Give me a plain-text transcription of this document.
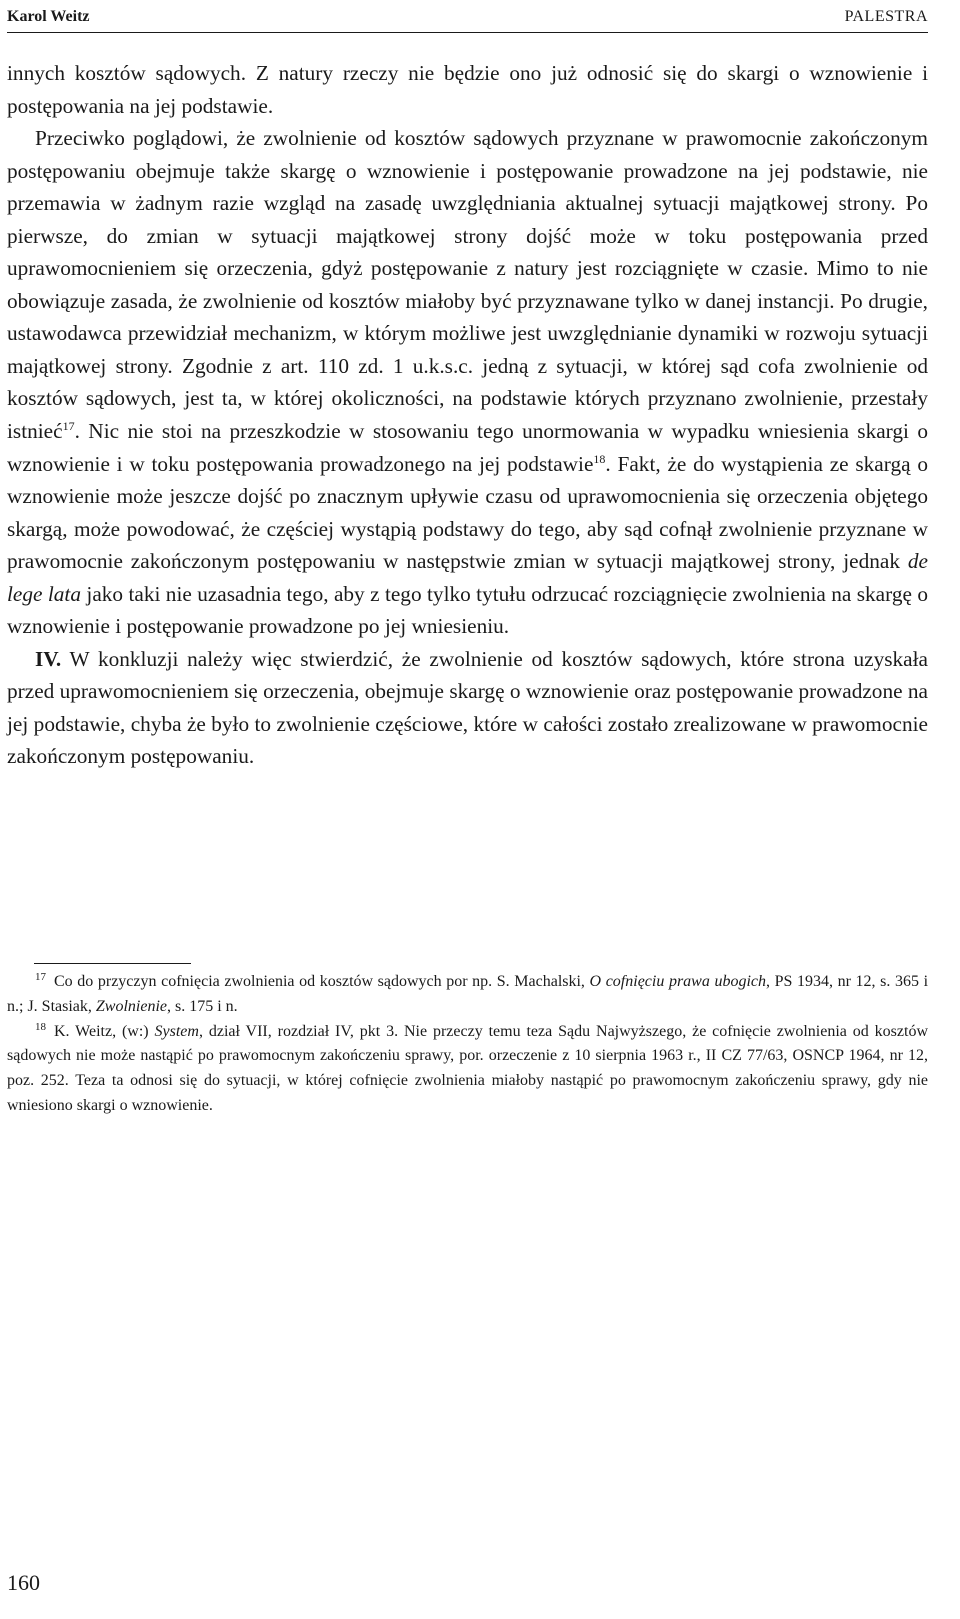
Karol Weitz	PALESTRA

innych kosztów sądowych. Z natury rzeczy nie będzie ono już odnosić się do skargi o wznowienie i postępowania na jej podstawie.

Przeciwko poglądowi, że zwolnienie od kosztów sądowych przyznane w prawomocnie zakończonym postępowaniu obejmuje także skargę o wznowienie i postępowanie prowadzone na jej podstawie, nie przemawia w żadnym razie wzgląd na zasadę uwzględniania aktualnej sytuacji majątkowej strony. Po pierwsze, do zmian w sytuacji majątkowej strony dojść może w toku postępowania przed uprawomocnieniem się orzeczenia, gdyż postępowanie z natury jest rozciągnięte w czasie. Mimo to nie obowiązuje zasada, że zwolnienie od kosztów miałoby być przyznawane tylko w danej instancji. Po drugie, ustawodawca przewidział mechanizm, w którym możliwe jest uwzględnianie dynamiki w rozwoju sytuacji majątkowej strony. Zgodnie z art. 110 zd. 1 u.k.s.c. jedną z sytuacji, w której sąd cofa zwolnienie od kosztów sądowych, jest ta, w której okoliczności, na podstawie których przyznano zwolnienie, przestały istnieć$^{17}$. Nic nie stoi na przeszkodzie w stosowaniu tego unormowania w wypadku wniesienia skargi o wznowienie i w toku postępowania prowadzonego na jej podstawie$^{18}$. Fakt, że do wystąpienia ze skargą o wznowienie może jeszcze dojść po znacznym upływie czasu od uprawomocnienia się orzeczenia objętego skargą, może powodować, że częściej wystąpią podstawy do tego, aby sąd cofnął zwolnienie przyznane w prawomocnie zakończonym postępowaniu w następstwie zmian w sytuacji majątkowej strony, jednak de lege lata jako taki nie uzasadnia tego, aby z tego tylko tytułu odrzucać rozciągnięcie zwolnienia na skargę o wznowienie i postępowanie prowadzone po jej wniesieniu.

IV. W konkluzji należy więc stwierdzić, że zwolnienie od kosztów sądowych, które strona uzyskała przed uprawomocnieniem się orzeczenia, obejmuje skargę o wznowienie oraz postępowanie prowadzone na jej podstawie, chyba że było to zwolnienie częściowe, które w całości zostało zrealizowane w prawomocnie zakończonym postępowaniu.

$^{17}$ Co do przyczyn cofnięcia zwolnienia od kosztów sądowych por np. S. Machalski, O cofnięciu prawa ubogich, PS 1934, nr 12, s. 365 i n.; J. Stasiak, Zwolnienie, s. 175 i n.

$^{18}$ K. Weitz, (w:) System, dział VII, rozdział IV, pkt 3. Nie przeczy temu teza Sądu Najwyższego, że cofnięcie zwolnienia od kosztów sądowych nie może nastąpić po prawomocnym zakończeniu sprawy, por. orzeczenie z 10 sierpnia 1963 r., II CZ 77/63, OSNCP 1964, nr 12, poz. 252. Teza ta odnosi się do sytuacji, w której cofnięcie zwolnienia miałoby nastąpić po prawomocnym zakończeniu sprawy, gdy nie wniesiono skargi o wznowienie.

160
